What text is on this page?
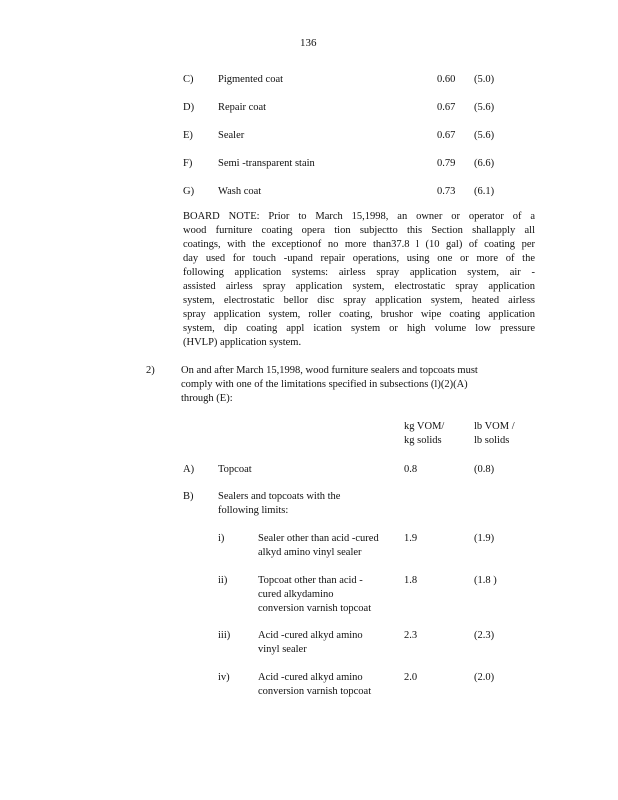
136
C) Pigmented coat	0.60 (5.0)
D) Repair coat	0.67 (5.6)
E) Sealer	0.67 (5.6)
F) Semi -transparent stain	0.79 (6.6)
G) Wash coat	0.73 (6.1)
BOARD NOTE: Prior to March 15,1998, an owner or operator of a
wood furniture coating opera tion subjectto this Section shallapply all
coatings, with the exceptionof no more than37.8 l (10 gal) of coating per
day used for touch -upand repair operations, using one or more of the
following application systems: airless spray application system, air -
assisted airless spray application system, electrostatic spray application
system, electrostatic bellor disc spray application system, heated airless
spray application system, roller coating, brushor wipe coating application
system, dip coating appl ication system or high volume low pressure
(HVLP) application system.
2)	On and after March 15,1998, wood furniture sealers and topcoats must
comply with one of the limitations specified in subsections (l)(2)(A)
through (E):
kg VOM/
kg solids
lb VOM /
lb solids
A) Topcoat	0.8	(0.8)
B) Sealers and topcoats with the
following limits:
i)	Sealer other than acid -cured
alkyd amino vinyl sealer
1.9	(1.9)
ii)	Topcoat other than acid -
cured alkydamino
conversion varnish topcoat
1.8	(1.8 )
iii)	Acid -cured alkyd amino
vinyl sealer
2.3	(2.3)
iv)	Acid -cured alkyd amino
conversion varnish topcoat
2.0	(2.0)
